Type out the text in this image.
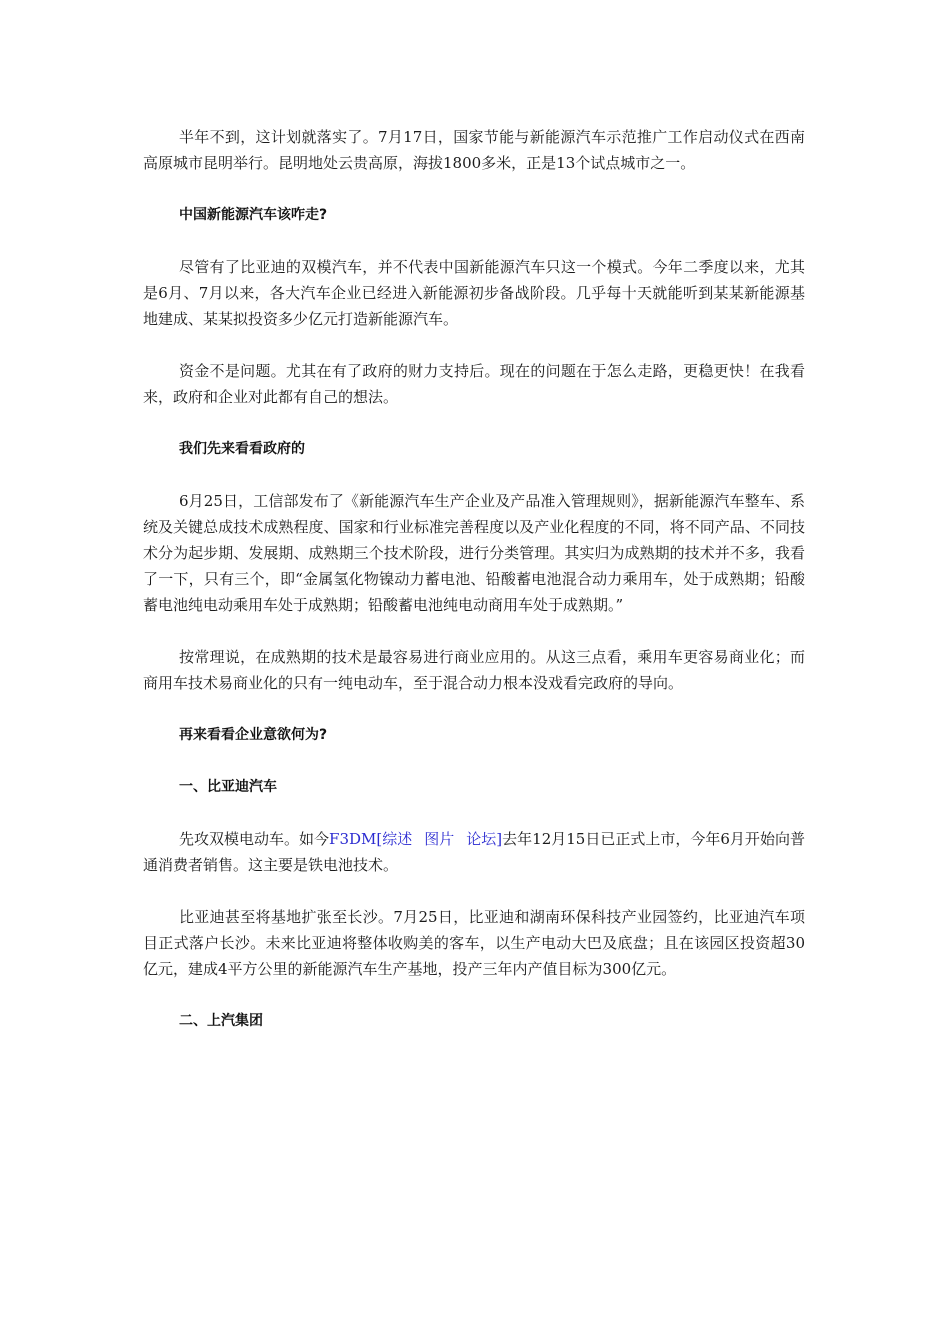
半年不到，这计划就落实了。7月17日，国家节能与新能源汽车示范推广工作启动仪式在西南高原城市昆明举行。昆明地处云贵高原，海拔1800多米，正是13个试点城市之一。

中国新能源汽车该咋走?

尽管有了比亚迪的双模汽车，并不代表中国新能源汽车只这一个模式。今年二季度以来，尤其是6月、7月以来，各大汽车企业已经进入新能源初步备战阶段。几乎每十天就能听到某某新能源基地建成、某某拟投资多少亿元打造新能源汽车。

资金不是问题。尤其在有了政府的财力支持后。现在的问题在于怎么走路，更稳更快！在我看来，政府和企业对此都有自己的想法。

我们先来看看政府的

6月25日，工信部发布了《新能源汽车生产企业及产品准入管理规则》，据新能源汽车整车、系统及关键总成技术成熟程度、国家和行业标准完善程度以及产业化程度的不同，将不同产品、不同技术分为起步期、发展期、成熟期三个技术阶段，进行分类管理。其实归为成熟期的技术并不多，我看了一下，只有三个，即“金属氢化物镍动力蓄电池、铅酸蓄电池混合动力乘用车，处于成熟期；铅酸蓄电池纯电动乘用车处于成熟期；铅酸蓄电池纯电动商用车处于成熟期。”

按常理说，在成熟期的技术是最容易进行商业应用的。从这三点看，乘用车更容易商业化；而商用车技术易商业化的只有一纯电动车，至于混合动力根本没戏看完政府的导向。

再来看看企业意欲何为?

一、比亚迪汽车

先攻双模电动车。如今F3DM[综述 图片 论坛]去年12月15日已正式上市，今年6月开始向普通消费者销售。这主要是铁电池技术。

比亚迪甚至将基地扩张至长沙。7月25日，比亚迪和湖南环保科技产业园签约，比亚迪汽车项目正式落户长沙。未来比亚迪将整体收购美的客车，以生产电动大巴及底盘；且在该园区投资超30亿元，建成4平方公里的新能源汽车生产基地，投产三年内产值目标为300亿元。

二、上汽集团
